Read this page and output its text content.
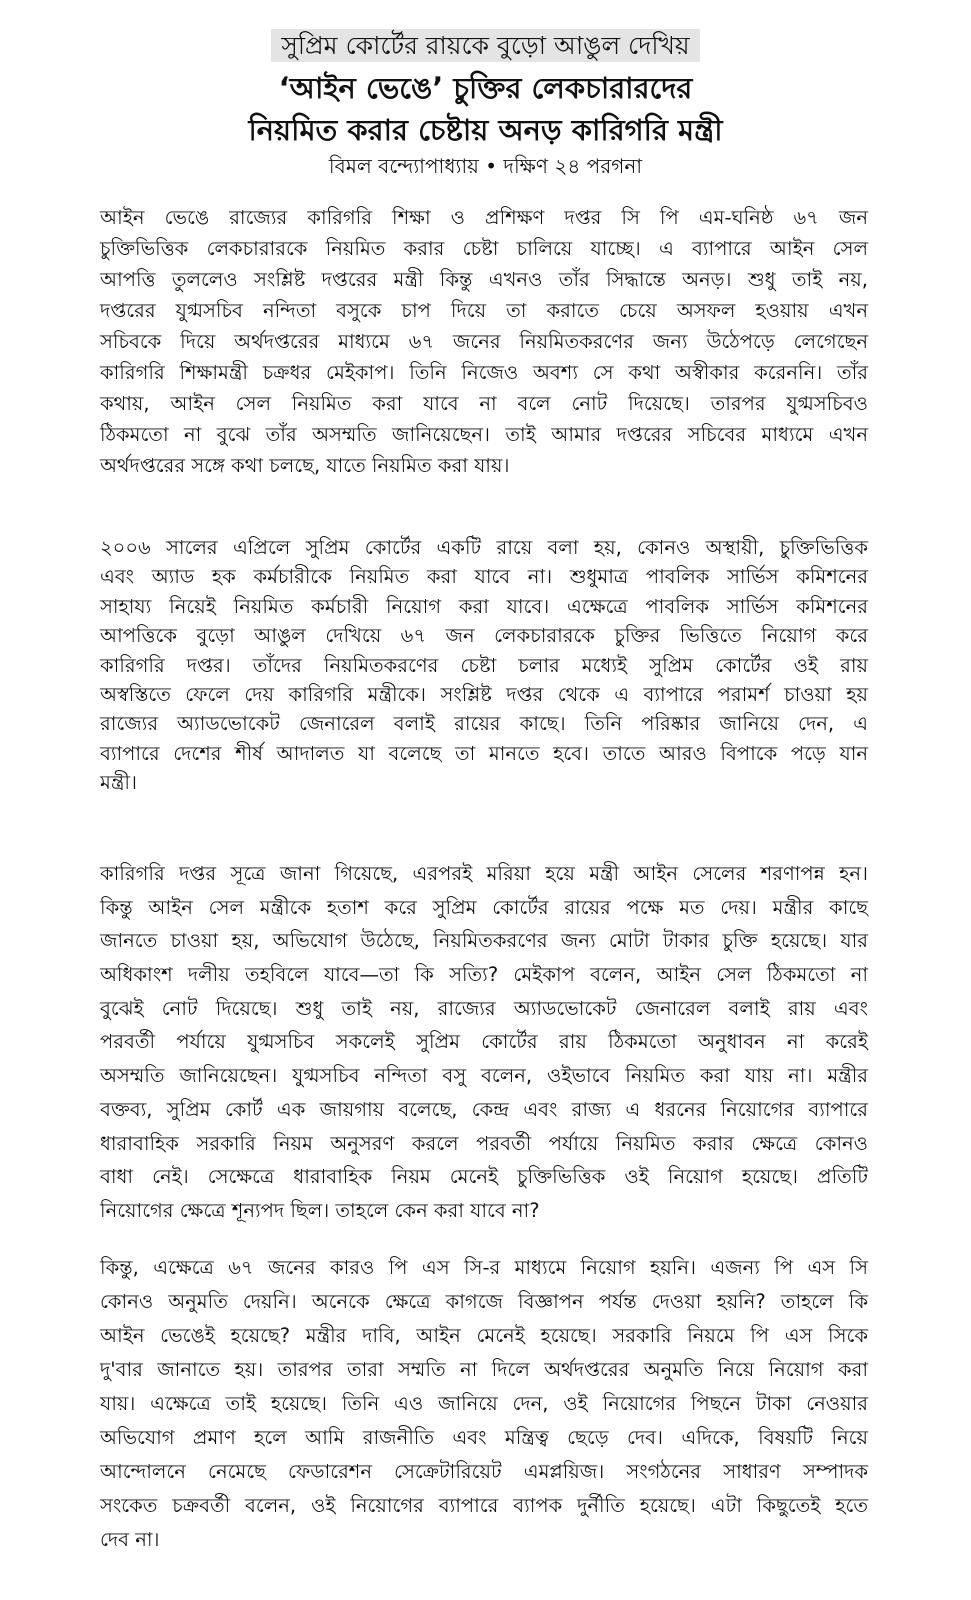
সুপ্রিম কোর্টের রায়কে বুড়ো আঙুল দেখিয়
‘আইন ভেঙে’ চুক্তির লেকচারারদের
নিয়মিত করার চেষ্টায় অনড় কারিগরি মন্ত্রী
বিমল বন্দ্যোপাধ্যায় • দক্ষিণ ২৪ পরগনা
আইন ভেঙে রাজ্যের কারিগরি শিক্ষা ও প্রশিক্ষণ দপ্তর সি পি এম-ঘনিষ্ঠ ৬৭ জন
চুক্তিভিত্তিক লেকচারারকে নিয়মিত করার চেষ্টা চালিয়ে যাচ্ছে। এ ব্যাপারে আইন সেল
আপত্তি তুললেও সংশ্লিষ্ট দপ্তরের মন্ত্রী কিন্তু এখনও তাঁর সিদ্ধান্তে অনড়। শুধু তাই নয়,
দপ্তরের যুগ্মসচিব নন্দিতা বসুকে চাপ দিয়ে তা করাতে চেয়ে অসফল হওয়ায় এখন
সচিবকে দিয়ে অর্থদপ্তরের মাধ্যমে ৬৭ জনের নিয়মিতকরণের জন্য উঠেপড়ে লেগেছেন
কারিগরি শিক্ষামন্ত্রী চক্রধর মেইকাপ। তিনি নিজেও অবশ্য সে কথা অস্বীকার করেননি। তাঁর
কথায়, আইন সেল নিয়মিত করা যাবে না বলে নোট দিয়েছে। তারপর যুগ্মসচিবও
ঠিকমতো না বুঝে তাঁর অসম্মতি জানিয়েছেন। তাই আমার দপ্তরের সচিবের মাধ্যমে এখন
অর্থদপ্তরের সঙ্গে কথা চলছে, যাতে নিয়মিত করা যায়।
২০০৬ সালের এপ্রিলে সুপ্রিম কোর্টের একটি রায়ে বলা হয়, কোনও অস্থায়ী, চুক্তিভিত্তিক
এবং অ্যাড হক কর্মচারীকে নিয়মিত করা যাবে না। শুধুমাত্র পাবলিক সার্ভিস কমিশনের
সাহায্য নিয়েই নিয়মিত কর্মচারী নিয়োগ করা যাবে। এক্ষেত্রে পাবলিক সার্ভিস কমিশনের
আপত্তিকে বুড়ো আঙুল দেখিয়ে ৬৭ জন লেকচারারকে চুক্তির ভিত্তিতে নিয়োগ করে
কারিগরি দপ্তর। তাঁদের নিয়মিতকরণের চেষ্টা চলার মধ্যেই সুপ্রিম কোর্টের ওই রায়
অস্বস্তিতে ফেলে দেয় কারিগরি মন্ত্রীকে। সংশ্লিষ্ট দপ্তর থেকে এ ব্যাপারে পরামর্শ চাওয়া হয়
রাজ্যের অ্যাডভোকেট জেনারেল বলাই রায়ের কাছে। তিনি পরিষ্কার জানিয়ে দেন, এ
ব্যাপারে দেশের শীর্ষ আদালত যা বলেছে তা মানতে হবে। তাতে আরও বিপাকে পড়ে যান
মন্ত্রী।
কারিগরি দপ্তর সূত্রে জানা গিয়েছে, এরপরই মরিয়া হয়ে মন্ত্রী আইন সেলের শরণাপন্ন হন।
কিন্তু আইন সেল মন্ত্রীকে হতাশ করে সুপ্রিম কোর্টের রায়ের পক্ষে মত দেয়। মন্ত্রীর কাছে
জানতে চাওয়া হয়, অভিযোগ উঠেছে, নিয়মিতকরণের জন্য মোটা টাকার চুক্তি হয়েছে। যার
অধিকাংশ দলীয় তহবিলে যাবে—তা কি সত্যি? মেইকাপ বলেন, আইন সেল ঠিকমতো না
বুঝেই নোট দিয়েছে। শুধু তাই নয়, রাজ্যের অ্যাডভোকেট জেনারেল বলাই রায় এবং
পরবর্তী পর্যায়ে যুগ্মসচিব সকলেই সুপ্রিম কোর্টের রায় ঠিকমতো অনুধাবন না করেই
অসম্মতি জানিয়েছেন। যুগ্মসচিব নন্দিতা বসু বলেন, ওইভাবে নিয়মিত করা যায় না। মন্ত্রীর
বক্তব্য, সুপ্রিম কোর্ট এক জায়গায় বলেছে, কেন্দ্র এবং রাজ্য এ ধরনের নিয়োগের ব্যাপারে
ধারাবাহিক সরকারি নিয়ম অনুসরণ করলে পরবর্তী পর্যায়ে নিয়মিত করার ক্ষেত্রে কোনও
বাধা নেই। সেক্ষেত্রে ধারাবাহিক নিয়ম মেনেই চুক্তিভিত্তিক ওই নিয়োগ হয়েছে। প্রতিটি
নিয়োগের ক্ষেত্রে শূন্যপদ ছিল। তাহলে কেন করা যাবে না?
কিন্তু, এক্ষেত্রে ৬৭ জনের কারও পি এস সি-র মাধ্যমে নিয়োগ হয়নি। এজন্য পি এস সি
কোনও অনুমতি দেয়নি। অনেকে ক্ষেত্রে কাগজে বিজ্ঞাপন পর্যন্ত দেওয়া হয়নি? তাহলে কি
আইন ভেঙেই হয়েছে? মন্ত্রীর দাবি, আইন মেনেই হয়েছে। সরকারি নিয়মে পি এস সিকে
দু'বার জানাতে হয়। তারপর তারা সম্মতি না দিলে অর্থদপ্তরের অনুমতি নিয়ে নিয়োগ করা
যায়। এক্ষেত্রে তাই হয়েছে। তিনি এও জানিয়ে দেন, ওই নিয়োগের পিছনে টাকা নেওয়ার
অভিযোগ প্রমাণ হলে আমি রাজনীতি এবং মন্ত্রিত্ব ছেড়ে দেব। এদিকে, বিষয়টি নিয়ে
আন্দোলনে নেমেছে ফেডারেশন সেক্রেটারিয়েট এমপ্লয়িজ। সংগঠনের সাধারণ সম্পাদক
সংকেত চক্রবর্তী বলেন, ওই নিয়োগের ব্যাপারে ব্যাপক দুর্নীতি হয়েছে। এটা কিছুতেই হতে
দেব না।
